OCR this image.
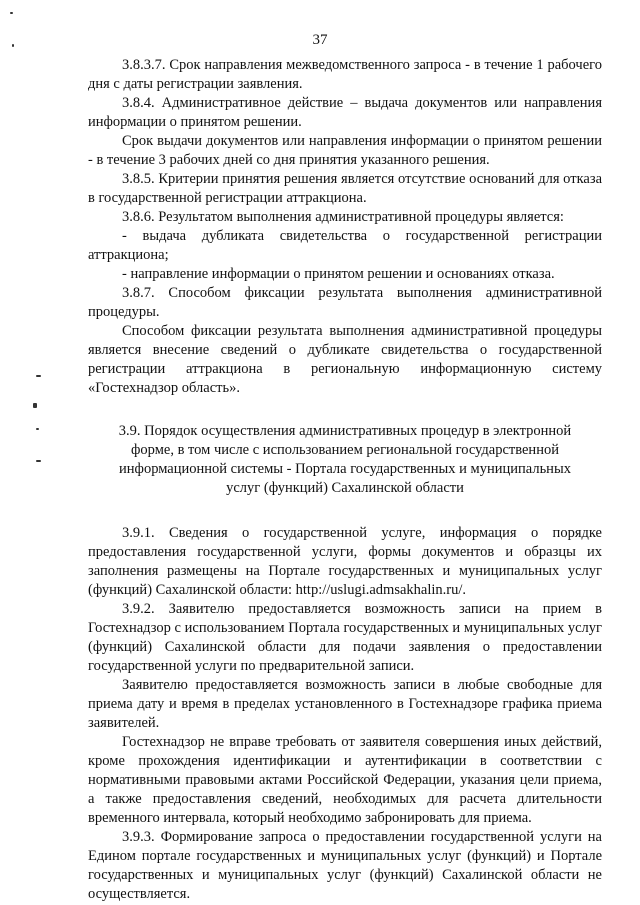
37

3.8.3.7. Срок направления межведомственного запроса - в течение 1 рабочего дня с даты регистрации заявления.

3.8.4. Административное действие – выдача документов или направления информации о принятом решении.

Срок выдачи документов или направления информации о принятом решении - в течение 3 рабочих дней со дня принятия указанного решения.

3.8.5. Критерии принятия решения является отсутствие оснований для отказа в государственной регистрации аттракциона.

3.8.6. Результатом выполнения административной процедуры является:

- выдача дубликата свидетельства о государственной регистрации аттракциона;

- направление информации о принятом решении и основаниях отказа.

3.8.7. Способом фиксации результата выполнения административной процедуры.

Способом фиксации результата выполнения административной процедуры является внесение сведений о дубликате свидетельства о государственной регистрации аттракциона в региональную информационную систему «Гостехнадзор область».

3.9. Порядок осуществления административных процедур в электронной форме, в том числе с использованием региональной государственной информационной системы - Портала государственных и муниципальных услуг (функций) Сахалинской области

3.9.1. Сведения о государственной услуге, информация о порядке предоставления государственной услуги, формы документов и образцы их заполнения размещены на Портале государственных и муниципальных услуг (функций) Сахалинской области: http://uslugi.admsakhalin.ru/.

3.9.2. Заявителю предоставляется возможность записи на прием в Гостехнадзор с использованием Портала государственных и муниципальных услуг (функций) Сахалинской области для подачи заявления о предоставлении государственной услуги по предварительной записи.

Заявителю предоставляется возможность записи в любые свободные для приема дату и время в пределах установленного в Гостехнадзоре графика приема заявителей.

Гостехнадзор не вправе требовать от заявителя совершения иных действий, кроме прохождения идентификации и аутентификации в соответствии с нормативными правовыми актами Российской Федерации, указания цели приема, а также предоставления сведений, необходимых для расчета длительности временного интервала, который необходимо забронировать для приема.

3.9.3. Формирование запроса о предоставлении государственной услуги на Едином портале государственных и муниципальных услуг (функций) и Портале государственных и муниципальных услуг (функций) Сахалинской области не осуществляется.
